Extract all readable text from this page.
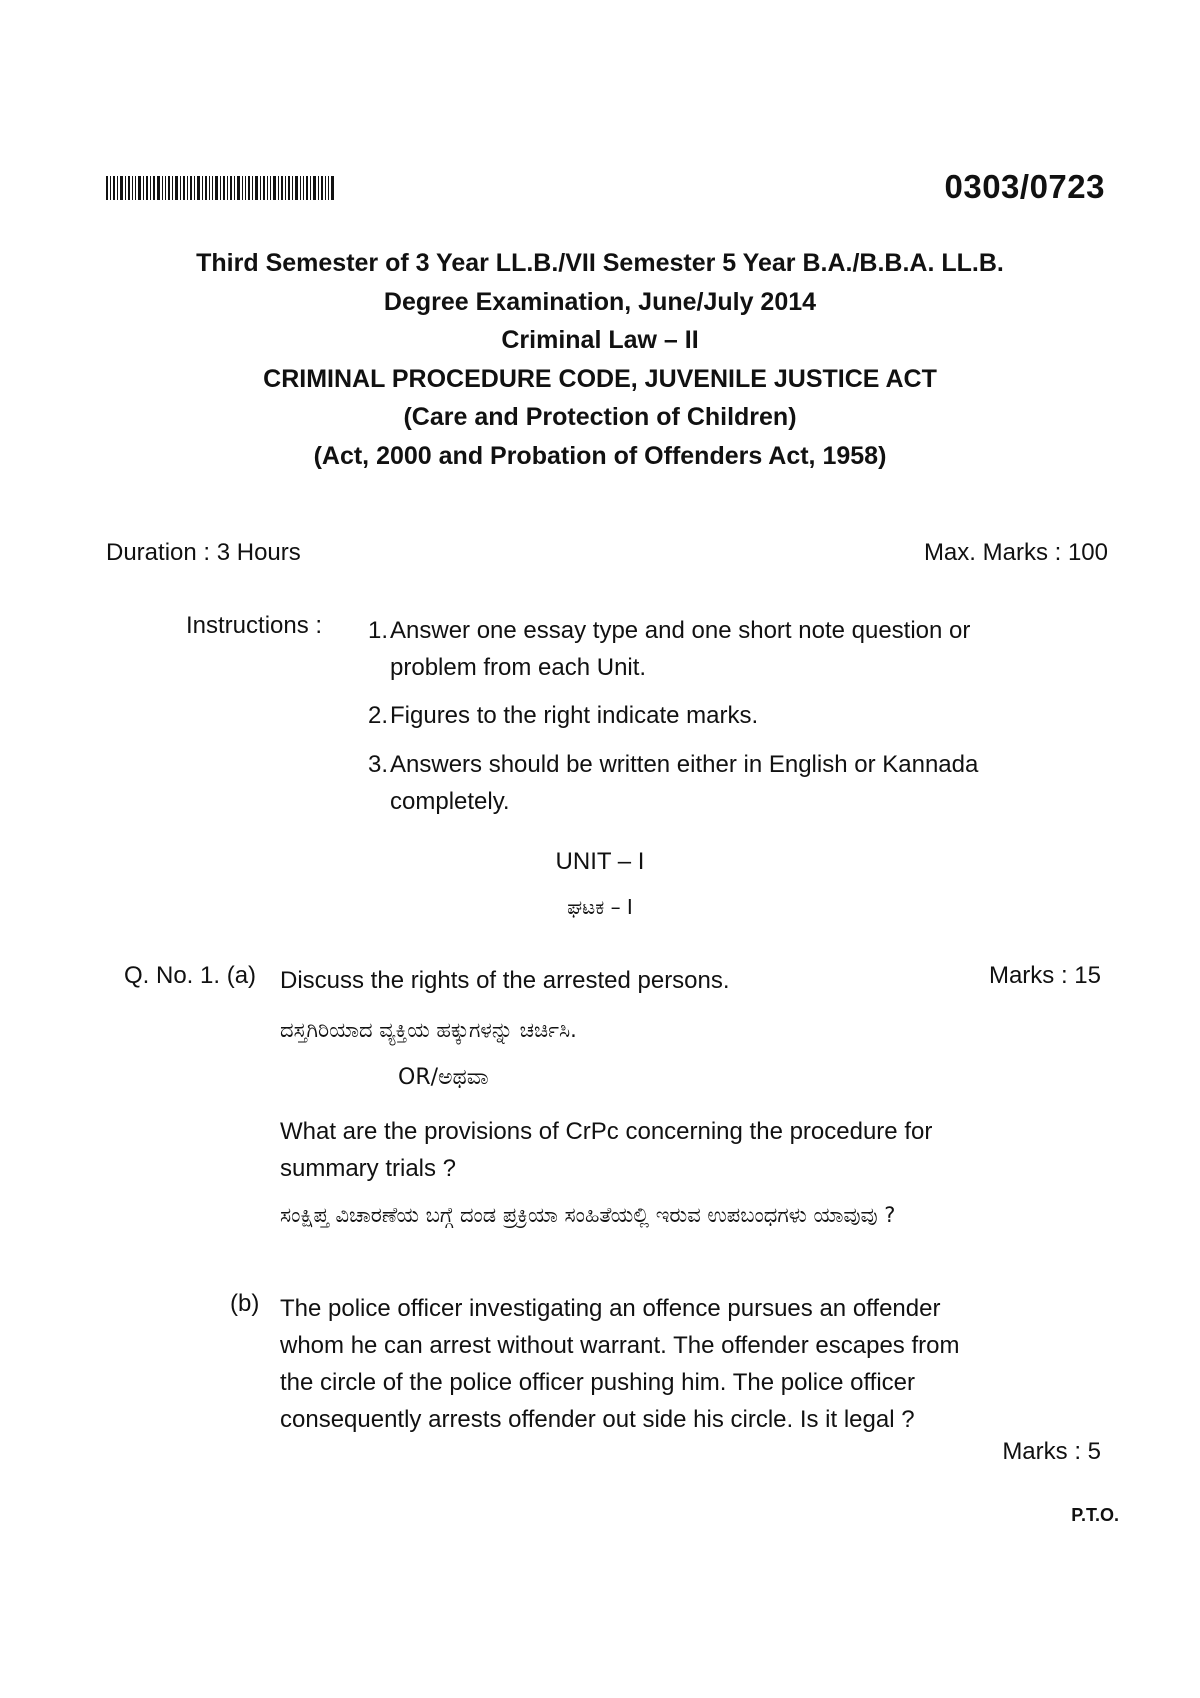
0303/0723
Third Semester of 3 Year LL.B./VII Semester 5 Year B.A./B.B.A. LL.B.
Degree Examination, June/July 2014
Criminal Law – II
CRIMINAL PROCEDURE CODE, JUVENILE JUSTICE ACT
(Care and Protection of Children)
(Act, 2000 and Probation of Offenders Act, 1958)
Duration : 3 Hours	Max. Marks : 100
Instructions :	1. Answer one essay type and one short note question or problem from each Unit.
2. Figures to the right indicate marks.
3. Answers should be written either in English or Kannada completely.
UNIT – I
ಘಟಕ – I
Q. No. 1. (a) Discuss the rights of the arrested persons.	Marks : 15
ದಸ್ತಗಿರಿಯಾದ ವ್ಯಕ್ತಿಯ ಹಕ್ಕುಗಳನ್ನು ಚರ್ಚಿಸಿ.
OR/ಅಥವಾ
What are the provisions of CrPc concerning the procedure for summary trials ?
ಸಂಕ್ಷಿಪ್ತ ವಿಚಾರಣೆಯ ಬಗ್ಗೆ ದಂಡ ಪ್ರಕ್ರಿಯಾ ಸಂಹಿತೆಯಲ್ಲಿ ಇರುವ ಉಪಬಂಧಗಳು ಯಾವುವು ?
(b) The police officer investigating an offence pursues an offender whom he can arrest without warrant. The offender escapes from the circle of the police officer pushing him. The police officer consequently arrests offender out side his circle. Is it legal ?
Marks : 5
P.T.O.
